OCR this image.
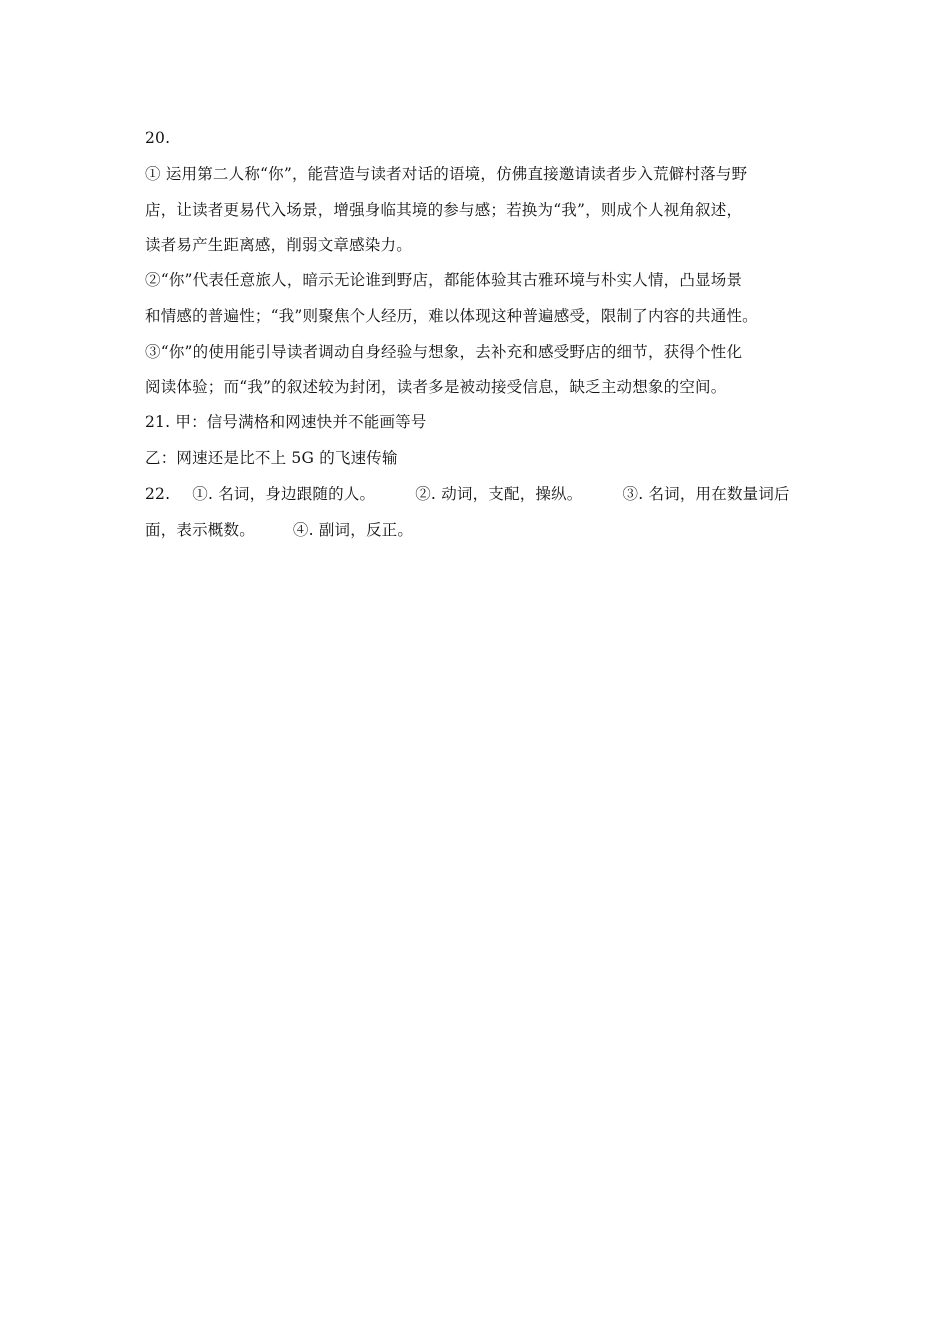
20.
① 运用第二人称“你”，能营造与读者对话的语境，仿佛直接邀请读者步入荒僻村落与野
店，让读者更易代入场景，增强身临其境的参与感；若换为“我”，则成个人视角叙述，
读者易产生距离感，削弱文章感染力。
②“你”代表任意旅人，暗示无论谁到野店，都能体验其古雅环境与朴实人情，凸显场景
和情感的普遍性；“我”则聚焦个人经历，难以体现这种普遍感受，限制了内容的共通性。
③“你”的使用能引导读者调动自身经验与想象，去补充和感受野店的细节，获得个性化
阅读体验；而“我”的叙述较为封闭，读者多是被动接受信息，缺乏主动想象的空间。
21. 甲：信号满格和网速快并不能画等号
乙：网速还是比不上 5G 的飞速传输
22. ①. 名词，身边跟随的人。	②. 动词，支配，操纵。	③. 名词，用在数量词后
面，表示概数。 ④. 副词，反正。
